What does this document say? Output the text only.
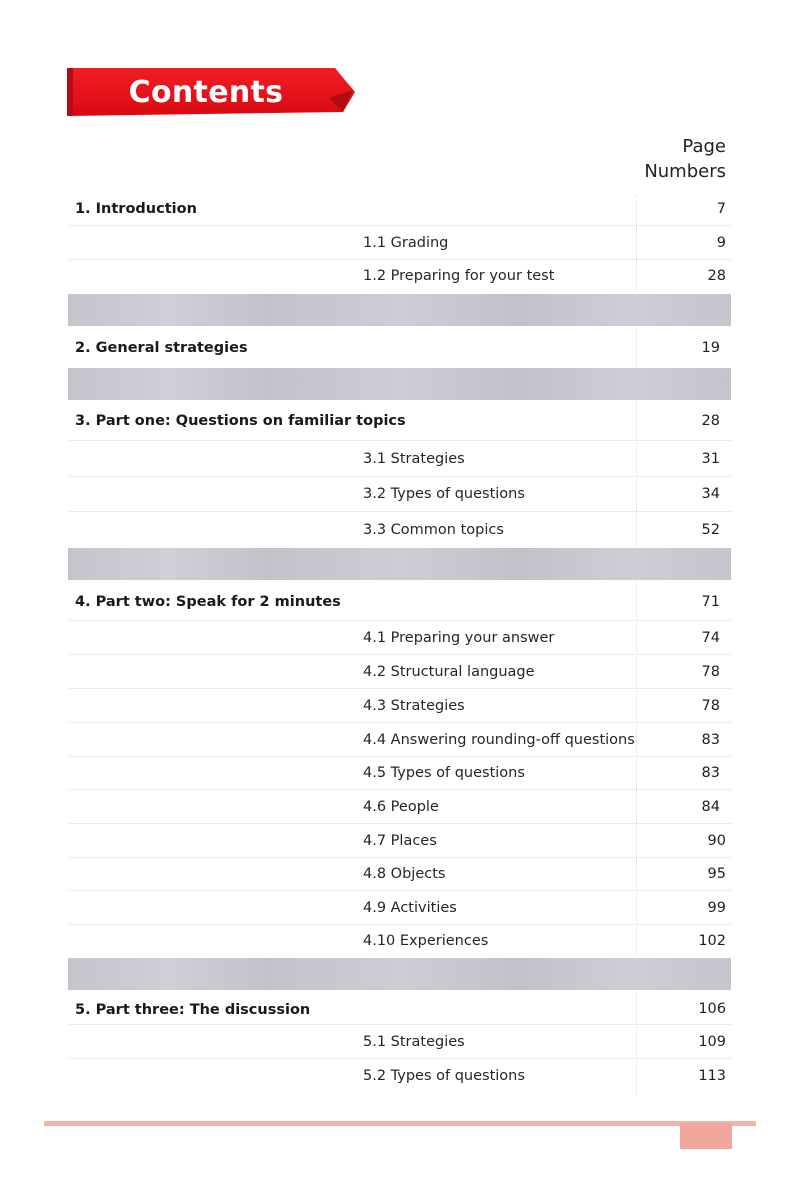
Contents
Page
Numbers
1. Introduction	7
1.1 Grading	9
1.2 Preparing for your test	28
2. General strategies	19
3. Part one: Questions on familiar topics	28
3.1 Strategies	31
3.2 Types of questions	34
3.3 Common topics	52
4. Part two: Speak for 2 minutes	71
4.1 Preparing your answer	74
4.2 Structural language	78
4.3 Strategies	78
4.4 Answering rounding-off questions	83
4.5 Types of questions	83
4.6 People	84
4.7 Places	90
4.8 Objects	95
4.9 Activities	99
4.10 Experiences	102
5. Part three: The discussion	106
5.1 Strategies	109
5.2 Types of questions	113
